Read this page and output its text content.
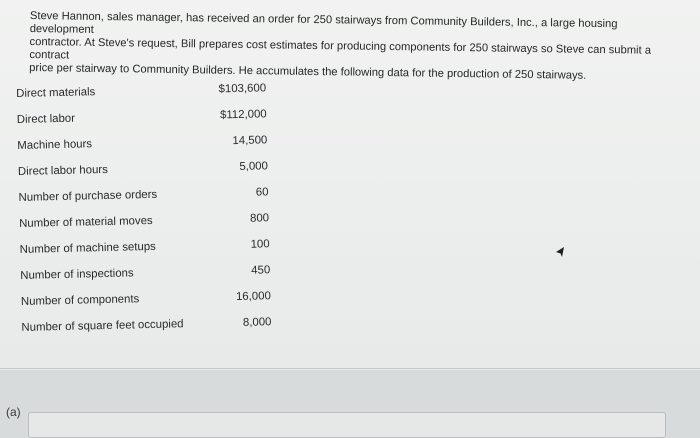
Steve Hannon, sales manager, has received an order for 250 stairways from Community Builders, Inc., a large housing development
contractor. At Steve's request, Bill prepares cost estimates for producing components for 250 stairways so Steve can submit a contract
price per stairway to Community Builders. He accumulates the following data for the production of 250 stairways.
Direct materials	$103,600
Direct labor	$112,000
Machine hours	14,500
Direct labor hours	5,000
Number of purchase orders	60
Number of material moves	800
Number of machine setups	100
Number of inspections	450
Number of components	16,000
Number of square feet occupied	8,000
(a)
